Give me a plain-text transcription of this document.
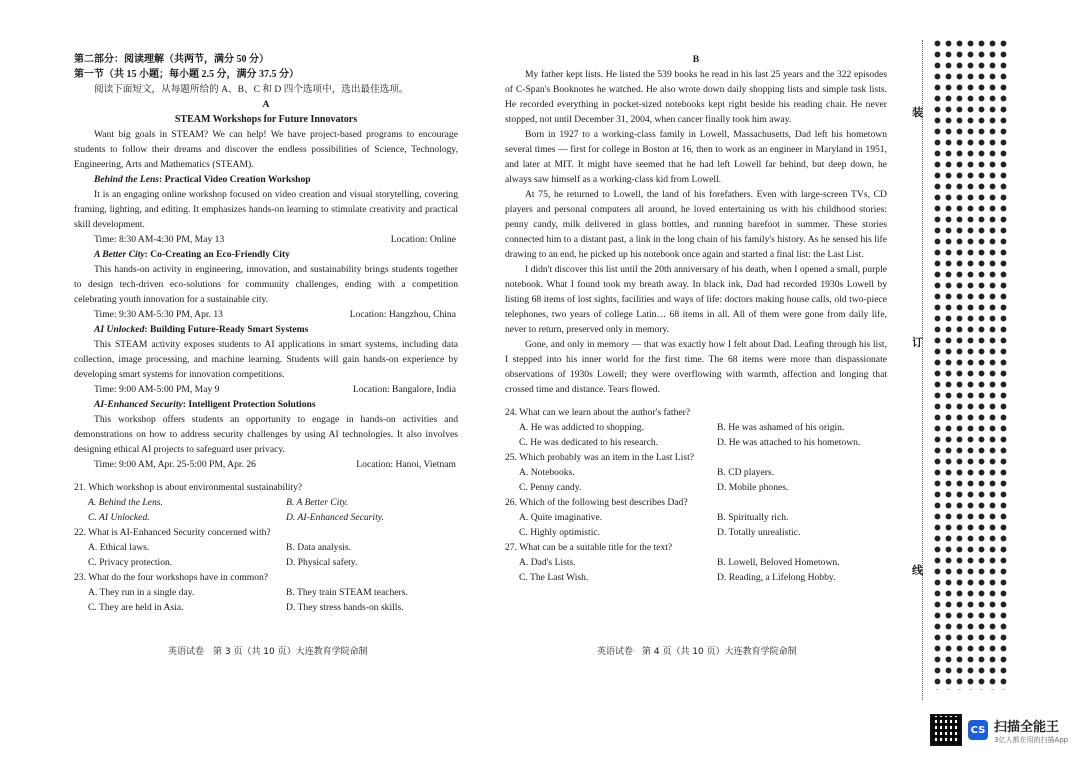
第二部分：阅读理解（共两节，满分 50 分）
第一节（共 15 小题；每小题 2.5 分，满分 37.5 分）

阅读下面短文，从每题所给的 A、B、C 和 D 四个选项中，选出最佳选项。

A
STEAM Workshops for Future Innovators

Want big goals in STEAM? We can help! We have project-based programs to encourage students to follow their dreams and discover the endless possibilities of Science, Technology, Engineering, Arts and Mathematics (STEAM).

Behind the Lens: Practical Video Creation Workshop

It is an engaging online workshop focused on video creation and visual storytelling, covering framing, lighting, and editing. It emphasizes hands-on learning to stimulate creativity and practical skill development.

Time: 8:30 AM-4:30 PM, May 13	Location: Online

A Better City: Co-Creating an Eco-Friendly City

This hands-on activity in engineering, innovation, and sustainability brings students together to design tech-driven eco-solutions for community challenges, ending with a competition celebrating youth innovation for a sustainable city.

Time: 9:30 AM-5:30 PM, Apr. 13	Location: Hangzhou, China

AI Unlocked: Building Future-Ready Smart Systems

This STEAM activity exposes students to AI applications in smart systems, including data collection, image processing, and machine learning. Students will gain hands-on experience by developing smart systems for innovation competitions.

Time: 9:00 AM-5:00 PM, May 9	Location: Bangalore, India

AI-Enhanced Security: Intelligent Protection Solutions

This workshop offers students an opportunity to engage in hands-on activities and demonstrations on how to address security challenges by using AI technologies. It also involves designing ethical AI projects to safeguard user privacy.

Time: 9:00 AM, Apr. 25-5:00 PM, Apr. 26	Location: Hanoi, Vietnam
21. Which workshop is about environmental sustainability?
A. Behind the Lens.	B. A Better City.
C. AI Unlocked.	D. AI-Enhanced Security.
22. What is AI-Enhanced Security concerned with?
A. Ethical laws.	B. Data analysis.
C. Privacy protection.	D. Physical safety.
23. What do the four workshops have in common?
A. They run in a single day.	B. They train STEAM teachers.
C. They are held in Asia.	D. They stress hands-on skills.
B

My father kept lists. He listed the 539 books he read in his last 25 years and the 322 episodes of C-Span's Booknotes he watched. He also wrote down daily shopping lists and simple task lists. He recorded everything in pocket-sized notebooks kept right beside his reading chair. He never stopped, not until December 31, 2004, when cancer finally took him away.

Born in 1927 to a working-class family in Lowell, Massachusetts, Dad left his hometown several times — first for college in Boston at 16, then to work as an engineer in Maryland in 1951, and later at MIT. It might have seemed that he had left Lowell far behind, but deep down, he always saw himself as a working-class kid from Lowell.

At 75, he returned to Lowell, the land of his forefathers. Even with large-screen TVs, CD players and personal computers all around, he loved entertaining us with his childhood stories: penny candy, milk delivered in glass bottles, and running barefoot in summer. These stories connected him to a distant past, a link in the long chain of his family's history. As he sensed his life drawing to an end, he picked up his notebook once again and started a final list: the Last List.

I didn't discover this list until the 20th anniversary of his death, when I opened a small, purple notebook. What I found took my breath away. In black ink, Dad had recorded 1930s Lowell by listing 68 items of lost sights, facilities and ways of life: doctors making house calls, old two-piece telephones, two years of college Latin… 68 items in all. All of them were gone from daily life, never to return, preserved only in memory.

Gone, and only in memory — that was exactly how I felt about Dad. Leafing through his list, I stepped into his inner world for the first time. The 68 items were more than dispassionate observations of 1930s Lowell; they were overflowing with warmth, affection and longing that crossed time and distance. Tears flowed.

24. What can we learn about the author's father?
A. He was addicted to shopping.	B. He was ashamed of his origin.
C. He was dedicated to his research.	D. He was attached to his hometown.
25. Which probably was an item in the Last List?
A. Notebooks.	B. CD players.
C. Penny candy.	D. Mobile phones.
26. Which of the following best describes Dad?
A. Quite imaginative.	B. Spiritually rich.
C. Highly optimistic.	D. Totally unrealistic.
27. What can be a suitable title for the text?
A. Dad's Lists.	B. Lowell, Beloved Hometown.
C. The Last Wish.	D. Reading, a Lifelong Hobby.
英语试卷　第 3 页（共 10 页）大连教育学院命制	英语试卷　第 4 页（共 10 页）大连教育学院命制
装
订
线
CS 扫描全能王
3亿人都在用的扫描App
